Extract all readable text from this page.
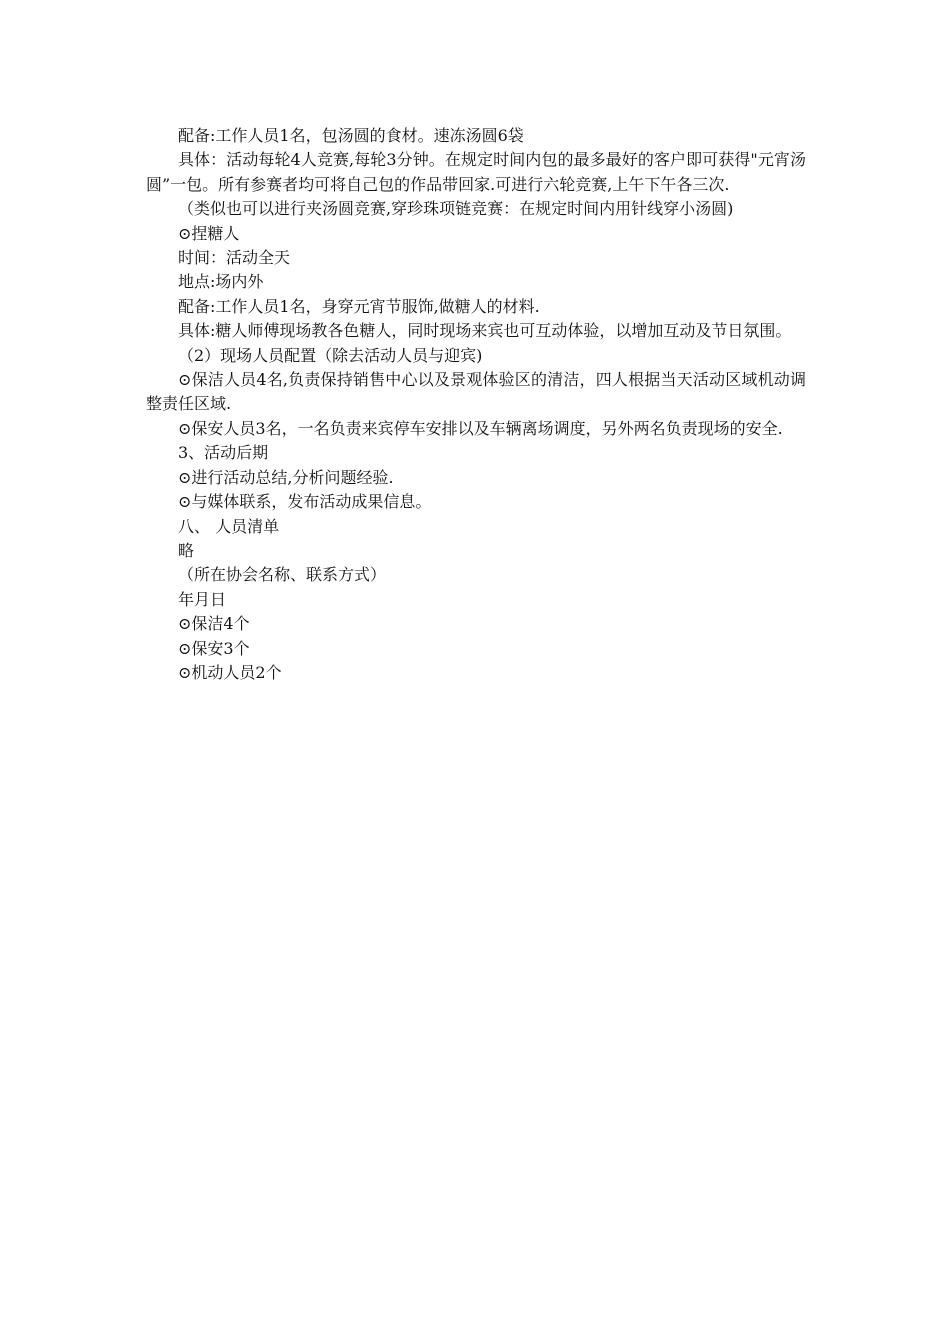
配备:工作人员1名，包汤圆的食材。速冻汤圆6袋

具体：活动每轮4人竞赛,每轮3分钟。在规定时间内包的最多最好的客户即可获得"元宵汤圆”一包。所有参赛者均可将自己包的作品带回家.可进行六轮竞赛,上午下午各三次.

（类似也可以进行夹汤圆竞赛,穿珍珠项链竞赛：在规定时间内用针线穿小汤圆)

⊙捏糖人

时间：活动全天

地点:场内外

配备:工作人员1名，身穿元宵节服饰,做糖人的材料.

具体:糖人师傅现场教各色糖人，同时现场来宾也可互动体验，以增加互动及节日氛围。

（2）现场人员配置（除去活动人员与迎宾)

⊙保洁人员4名,负责保持销售中心以及景观体验区的清洁，四人根据当天活动区域机动调整责任区域.

⊙保安人员3名，一名负责来宾停车安排以及车辆离场调度，另外两名负责现场的安全.

3、活动后期

⊙进行活动总结,分析问题经验.

⊙与媒体联系，发布活动成果信息。

八、 人员清单

略

（所在协会名称、联系方式）

年月日

⊙保洁4个

⊙保安3个

⊙机动人员2个
